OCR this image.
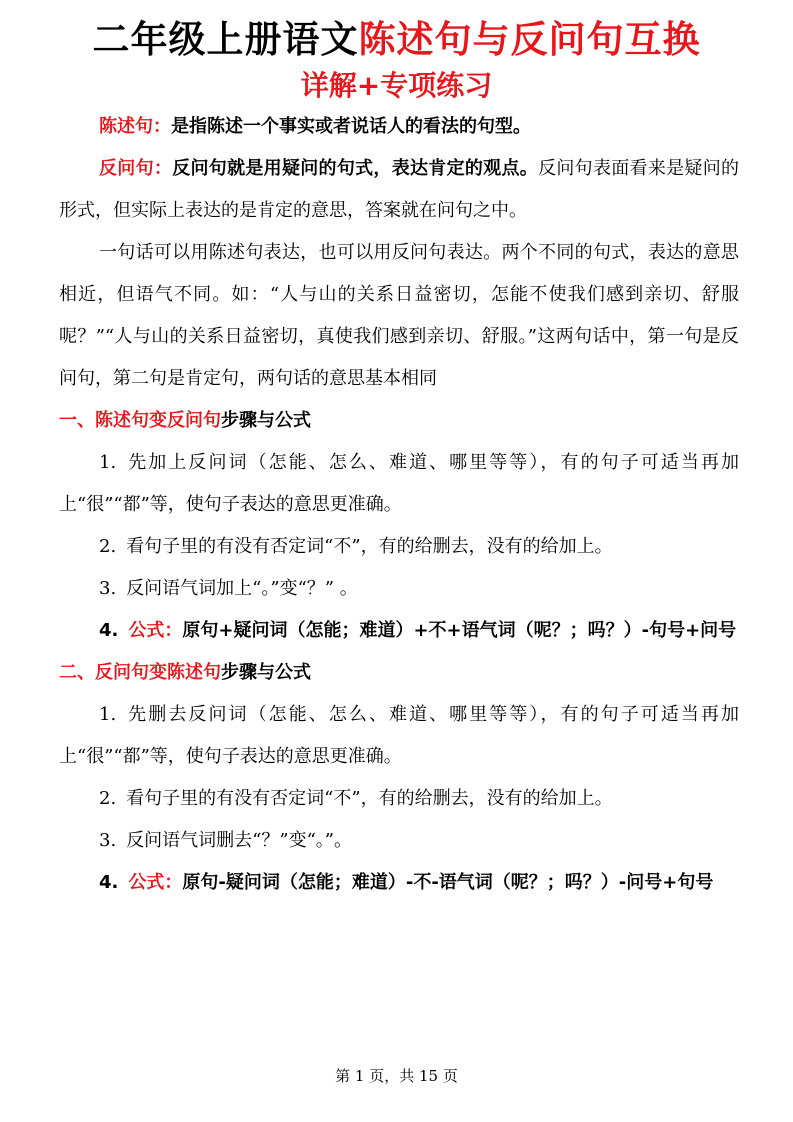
二年级上册语文陈述句与反问句互换
详解+专项练习

陈述句：是指陈述一个事实或者说话人的看法的句型。

反问句：反问句就是用疑问的句式，表达肯定的观点。反问句表面看来是疑问的形式，但实际上表达的是肯定的意思，答案就在问句之中。

一句话可以用陈述句表达，也可以用反问句表达。两个不同的句式，表达的意思相近，但语气不同。如：“人与山的关系日益密切，怎能不使我们感到亲切、舒服呢？”“人与山的关系日益密切，真使我们感到亲切、舒服。”这两句话中，第一句是反问句，第二句是肯定句，两句话的意思基本相同

一、陈述句变反问句步骤与公式

1. 先加上反问词（怎能、怎么、难道、哪里等等），有的句子可适当再加上“很”“都”等，使句子表达的意思更准确。

2. 看句子里的有没有否定词“不”，有的给删去，没有的给加上。

3. 反问语气词加上“。”变“？” 。

4. 公式：原句+疑问词（怎能；难道）+不+语气词（呢？；吗？）-句号+问号

二、反问句变陈述句步骤与公式

1. 先删去反问词（怎能、怎么、难道、哪里等等），有的句子可适当再加上“很”“都”等，使句子表达的意思更准确。

2. 看句子里的有没有否定词“不”，有的给删去，没有的给加上。

3. 反问语气词删去“？”变“。”。

4. 公式：原句-疑问词（怎能；难道）-不-语气词（呢？；吗？）-问号+句号

第 1 页，共 15 页
